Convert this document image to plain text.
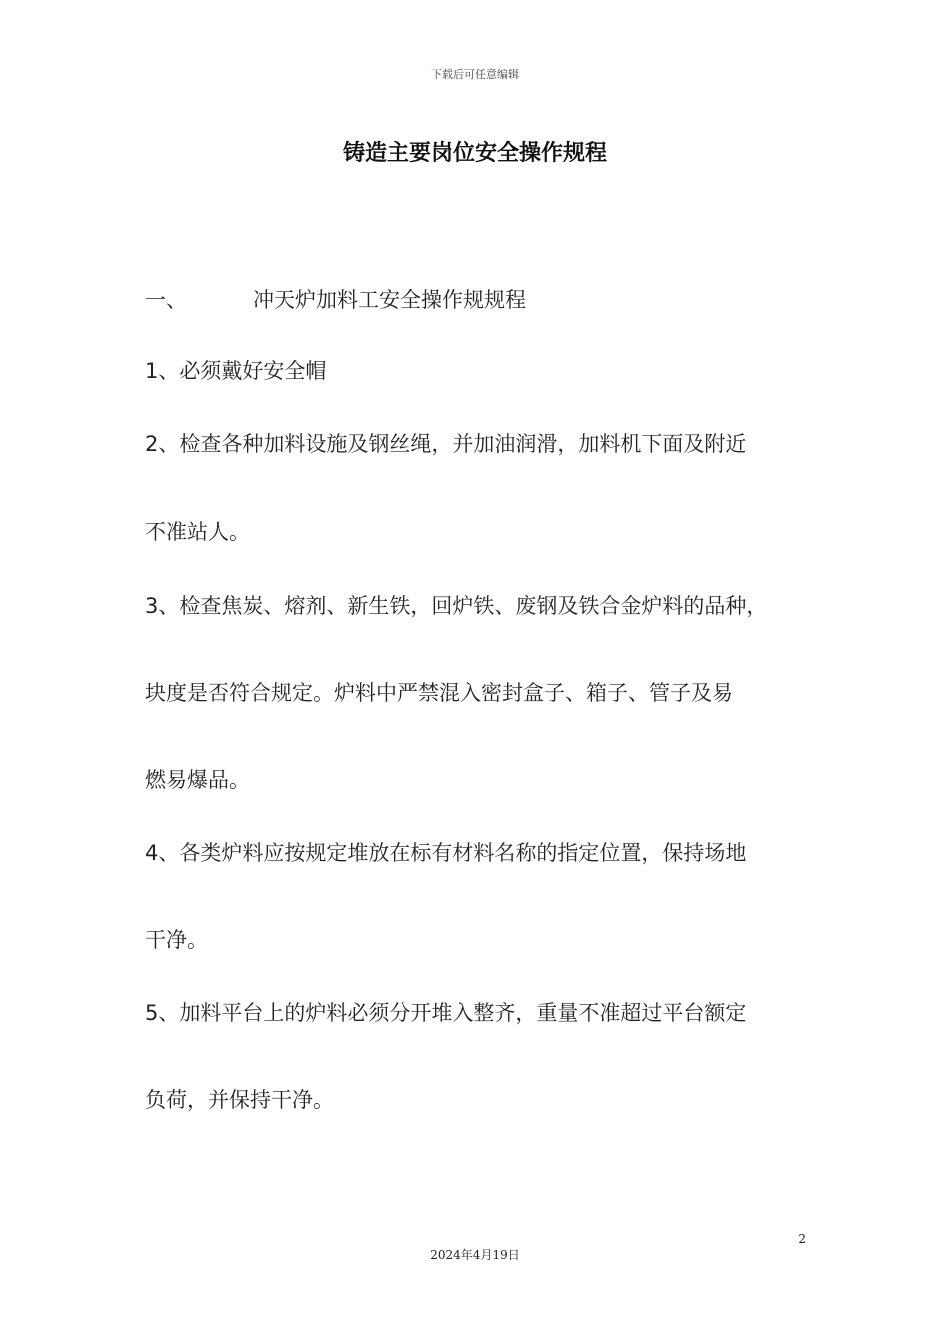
下载后可任意编辑
铸造主要岗位安全操作规程
一、	冲天炉加料工安全操作规规程
1、必须戴好安全帽
2、检查各种加料设施及钢丝绳，并加油润滑，加料机下面及附近
不准站人。
3、检查焦炭、熔剂、新生铁，回炉铁、废钢及铁合金炉料的品种，
块度是否符合规定。炉料中严禁混入密封盒子、箱子、管子及易
燃易爆品。
4、各类炉料应按规定堆放在标有材料名称的指定位置，保持场地
干净。
5、加料平台上的炉料必须分开堆入整齐，重量不准超过平台额定
负荷，并保持干净。
2
2024年4月19日
